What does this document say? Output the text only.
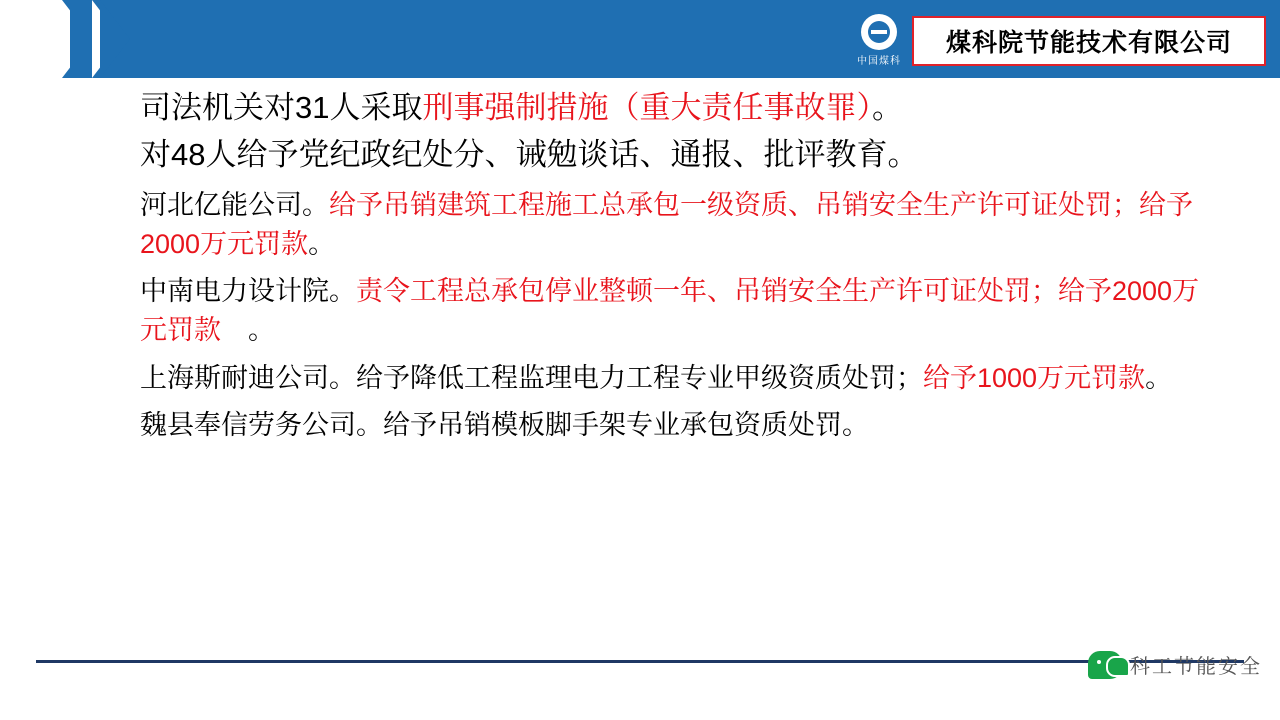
中国煤科
煤科院节能技术有限公司
司法机关对31人采取刑事强制措施（重大责任事故罪）。
对48人给予党纪政纪处分、诫勉谈话、通报、批评教育。
河北亿能公司。给予吊销建筑工程施工总承包一级资质、吊销安全生产许可证处罚；给予2000万元罚款。
中南电力设计院。责令工程总承包停业整顿一年、吊销安全生产许可证处罚；给予2000万元罚款　。
上海斯耐迪公司。给予降低工程监理电力工程专业甲级资质处罚；给予1000万元罚款。
魏县奉信劳务公司。给予吊销模板脚手架专业承包资质处罚。
科工节能安全
